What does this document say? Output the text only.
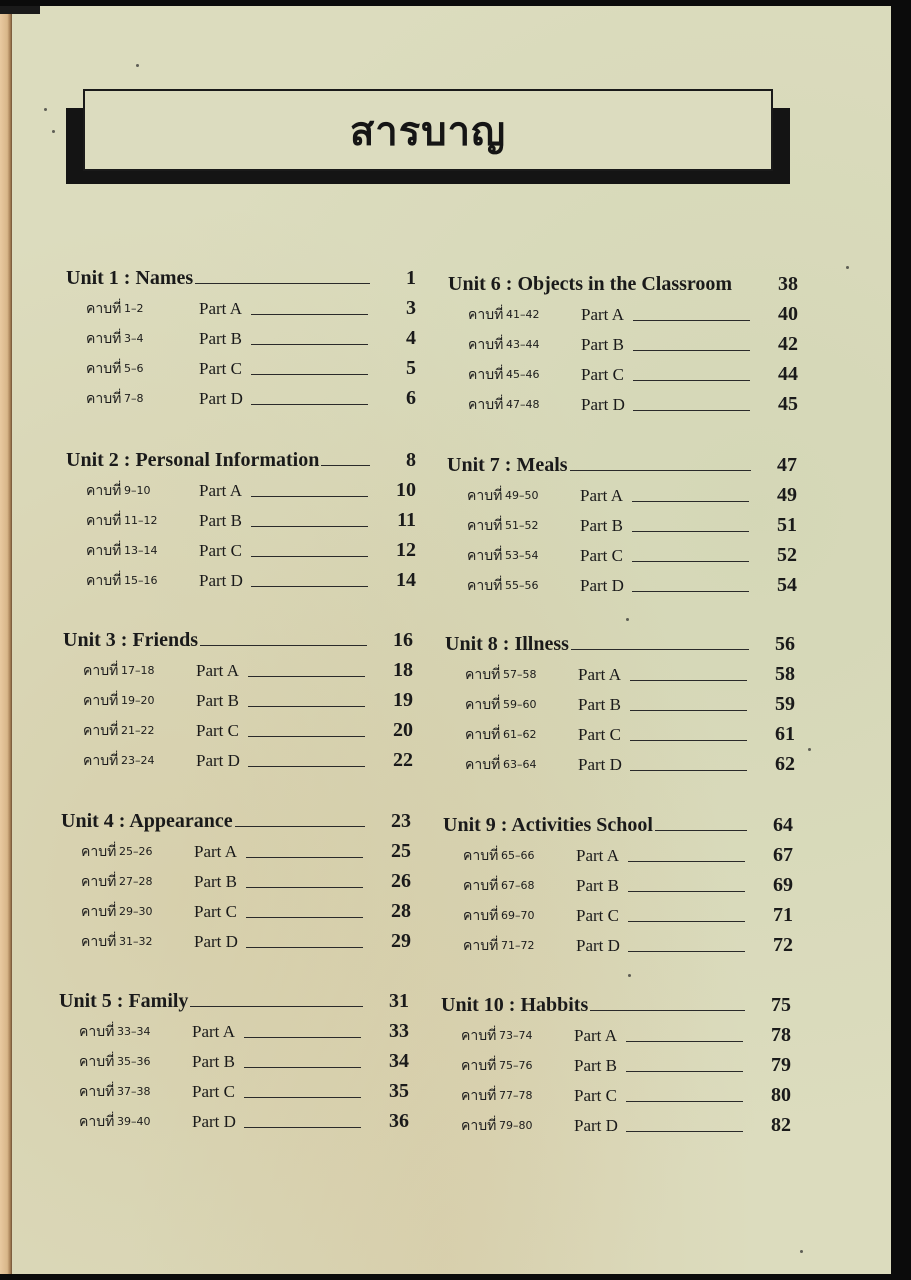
สารบาญ
Unit 1 : Names	1
คาบที่ 1–2	Part A	3
คาบที่ 3–4	Part B	4
คาบที่ 5–6	Part C	5
คาบที่ 7–8	Part D	6
Unit 2 : Personal Information	8
คาบที่ 9–10	Part A	10
คาบที่ 11–12	Part B	11
คาบที่ 13–14	Part C	12
คาบที่ 15–16	Part D	14
Unit 3 : Friends	16
คาบที่ 17–18	Part A	18
คาบที่ 19–20	Part B	19
คาบที่ 21–22	Part C	20
คาบที่ 23–24	Part D	22
Unit 4 : Appearance	23
คาบที่ 25–26	Part A	25
คาบที่ 27–28	Part B	26
คาบที่ 29–30	Part C	28
คาบที่ 31–32	Part D	29
Unit 5 : Family	31
คาบที่ 33–34	Part A	33
คาบที่ 35–36	Part B	34
คาบที่ 37–38	Part C	35
คาบที่ 39–40	Part D	36
Unit 6 : Objects in the Classroom	38
คาบที่ 41–42	Part A	40
คาบที่ 43–44	Part B	42
คาบที่ 45–46	Part C	44
คาบที่ 47–48	Part D	45
Unit 7 : Meals	47
คาบที่ 49–50	Part A	49
คาบที่ 51–52	Part B	51
คาบที่ 53–54	Part C	52
คาบที่ 55–56	Part D	54
Unit 8 : Illness	56
คาบที่ 57–58	Part A	58
คาบที่ 59–60	Part B	59
คาบที่ 61–62	Part C	61
คาบที่ 63–64	Part D	62
Unit 9 : Activities School	64
คาบที่ 65–66	Part A	67
คาบที่ 67–68	Part B	69
คาบที่ 69–70	Part C	71
คาบที่ 71–72	Part D	72
Unit 10 : Habbits	75
คาบที่ 73–74	Part A	78
คาบที่ 75–76	Part B	79
คาบที่ 77–78	Part C	80
คาบที่ 79–80	Part D	82
